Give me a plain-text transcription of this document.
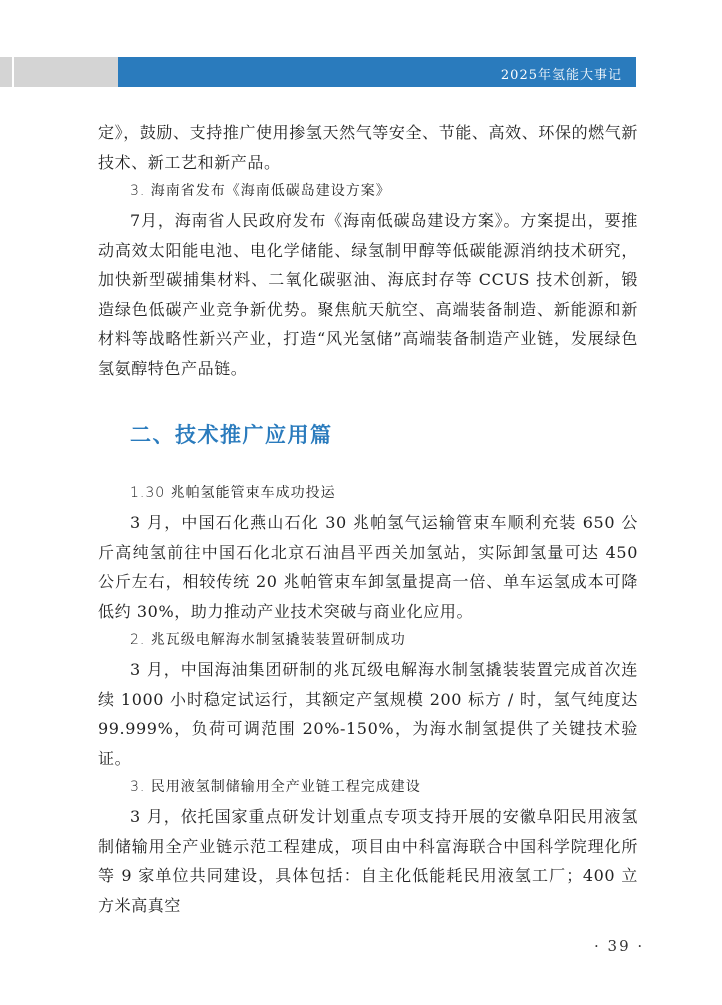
2025年氢能大事记

定》，鼓励、支持推广使用掺氢天然气等安全、节能、高效、环保的燃气新技术、新工艺和新产品。

3. 海南省发布《海南低碳岛建设方案》

7月，海南省人民政府发布《海南低碳岛建设方案》。方案提出，要推动高效太阳能电池、电化学储能、绿氢制甲醇等低碳能源消纳技术研究，加快新型碳捕集材料、二氧化碳驱油、海底封存等 CCUS 技术创新，锻造绿色低碳产业竞争新优势。聚焦航天航空、高端装备制造、新能源和新材料等战略性新兴产业，打造“风光氢储”高端装备制造产业链，发展绿色氢氨醇特色产品链。

二、技术推广应用篇

1.30 兆帕氢能管束车成功投运

3 月，中国石化燕山石化 30 兆帕氢气运输管束车顺利充装 650 公斤高纯氢前往中国石化北京石油昌平西关加氢站，实际卸氢量可达 450 公斤左右，相较传统 20 兆帕管束车卸氢量提高一倍、单车运氢成本可降低约 30%，助力推动产业技术突破与商业化应用。

2. 兆瓦级电解海水制氢撬装装置研制成功

3 月，中国海油集团研制的兆瓦级电解海水制氢撬装装置完成首次连续 1000 小时稳定试运行，其额定产氢规模 200 标方 / 时，氢气纯度达 99.999%，负荷可调范围 20%-150%，为海水制氢提供了关键技术验证。

3. 民用液氢制储输用全产业链工程完成建设

3 月，依托国家重点研发计划重点专项支持开展的安徽阜阳民用液氢制储输用全产业链示范工程建成，项目由中科富海联合中国科学院理化所等 9 家单位共同建设，具体包括：自主化低能耗民用液氢工厂；400 立方米高真空

· 39 ·
